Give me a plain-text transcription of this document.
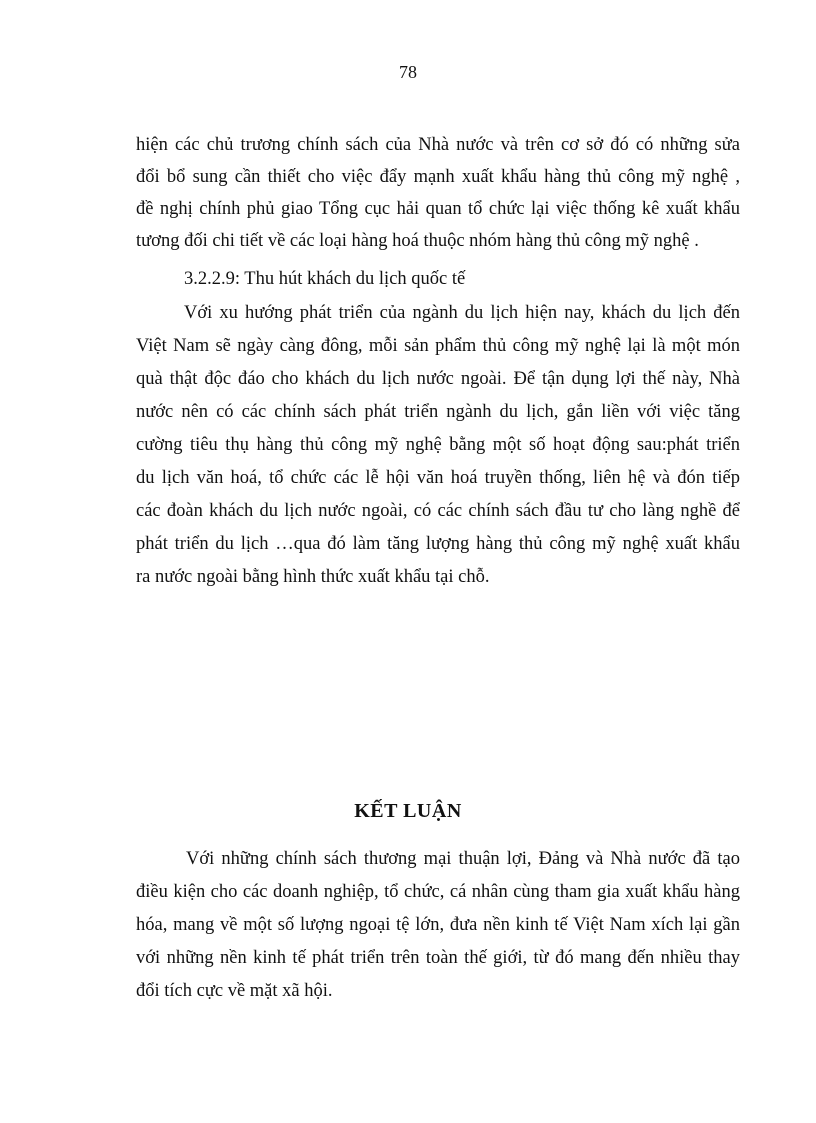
78
hiện các chủ trương chính sách của Nhà nước và trên cơ sở đó có những sửa
đổi bổ sung cần thiết cho việc đẩy mạnh xuất khẩu hàng thủ công mỹ nghệ ,
đề nghị chính phủ giao Tổng cục hải quan tổ chức lại việc thống kê xuất khẩu
tương đối chi tiết về các loại hàng hoá thuộc nhóm hàng thủ công mỹ nghệ .
3.2.2.9: Thu hút khách du lịch quốc tế
Với xu hướng phát triển của ngành du lịch hiện nay, khách du lịch đến
Việt Nam sẽ ngày càng đông, mỗi sản phẩm thủ công mỹ nghệ lại là một món
quà thật độc đáo cho khách du lịch nước ngoài. Để tận dụng lợi thế này, Nhà
nước nên có các chính sách phát triển ngành du lịch, gắn liền với việc tăng
cường tiêu thụ hàng thủ công mỹ nghệ bằng một số hoạt động sau:phát triển
du lịch văn hoá, tổ chức các lễ hội văn hoá truyền thống, liên hệ và đón tiếp
các đoàn khách du lịch nước ngoài, có các chính sách đầu tư cho làng nghề để
phát triển du lịch …qua đó làm tăng lượng hàng thủ công mỹ nghệ xuất khẩu
ra nước ngoài bằng hình thức xuất khẩu tại chỗ.
KẾT LUẬN
Với những chính sách thương mại thuận lợi, Đảng và Nhà nước đã tạo
điều kiện cho các doanh nghiệp, tổ chức, cá nhân cùng tham gia xuất khẩu hàng
hóa, mang về một số lượng ngoại tệ lớn, đưa nền kinh tế Việt Nam xích lại gần
với những nền kinh tế phát triển trên toàn thế giới, từ đó mang đến nhiều thay
đổi tích cực về mặt xã hội.
